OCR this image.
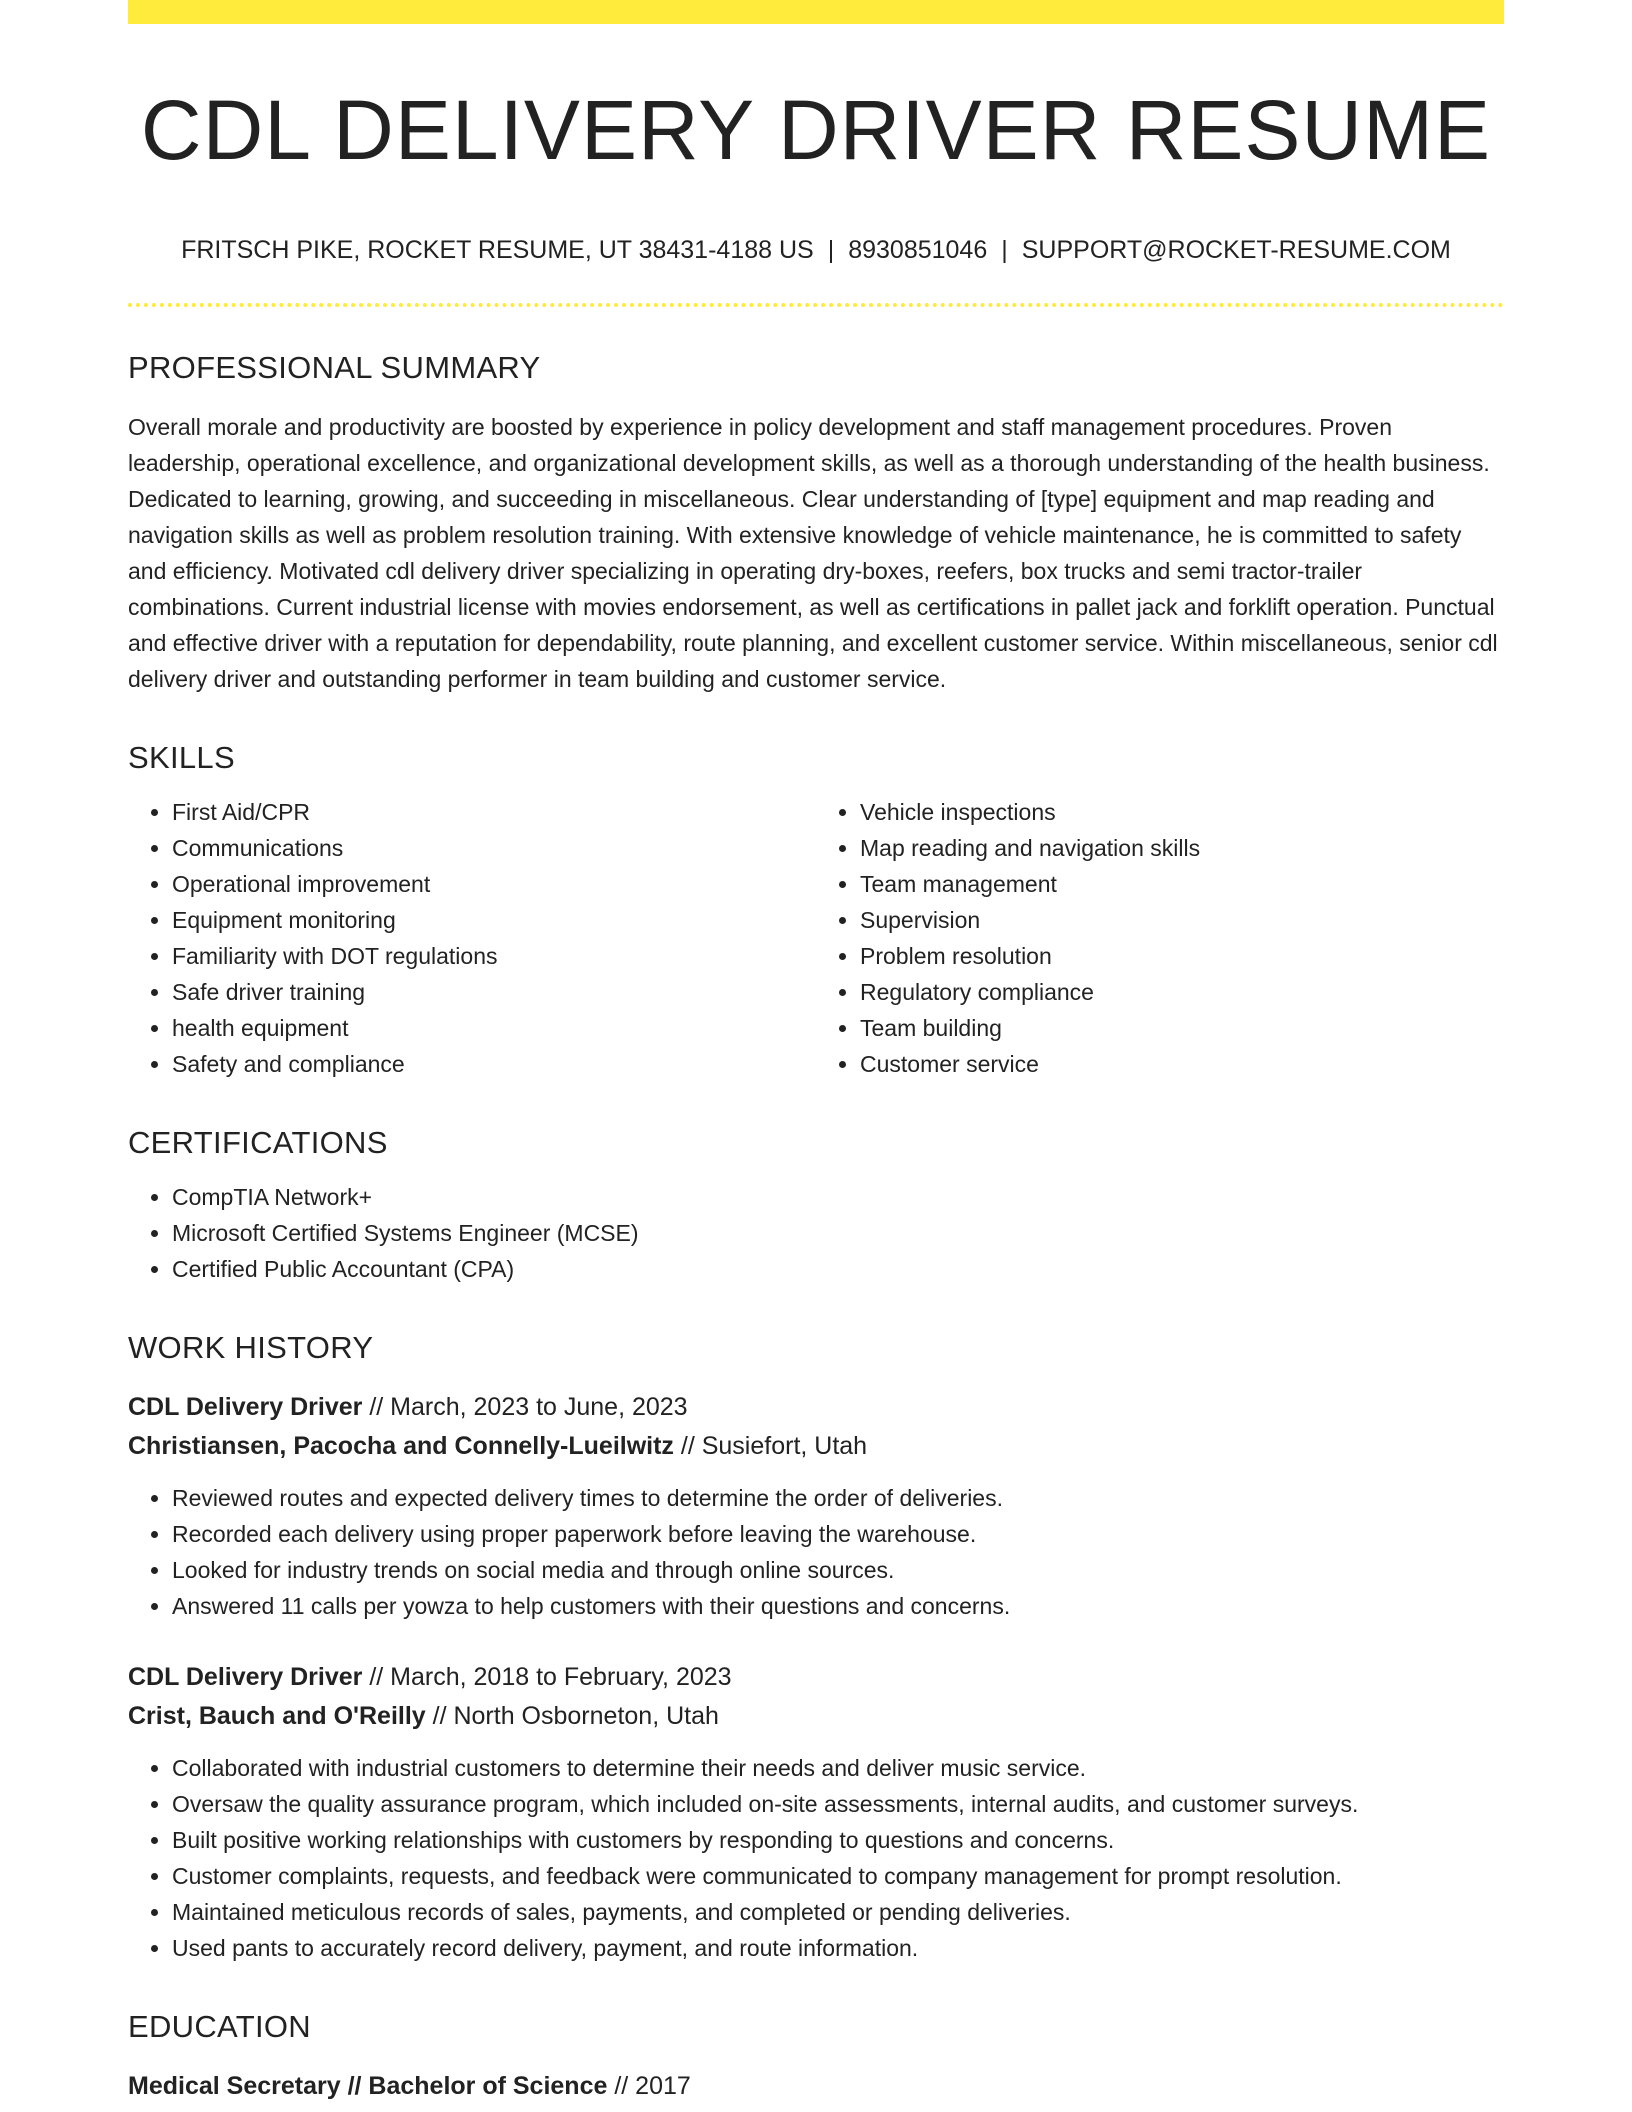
CDL DELIVERY DRIVER RESUME
FRITSCH PIKE, ROCKET RESUME, UT 38431-4188 US | 8930851046 | SUPPORT@ROCKET-RESUME.COM
PROFESSIONAL SUMMARY

Overall morale and productivity are boosted by experience in policy development and staff management procedures. Proven leadership, operational excellence, and organizational development skills, as well as a thorough understanding of the health business. Dedicated to learning, growing, and succeeding in miscellaneous. Clear understanding of [type] equipment and map reading and navigation skills as well as problem resolution training. With extensive knowledge of vehicle maintenance, he is committed to safety and efficiency. Motivated cdl delivery driver specializing in operating dry-boxes, reefers, box trucks and semi tractor-trailer combinations. Current industrial license with movies endorsement, as well as certifications in pallet jack and forklift operation. Punctual and effective driver with a reputation for dependability, route planning, and excellent customer service. Within miscellaneous, senior cdl delivery driver and outstanding performer in team building and customer service.

SKILLS
• First Aid/CPR
• Communications
• Operational improvement
• Equipment monitoring
• Familiarity with DOT regulations
• Safe driver training
• health equipment
• Safety and compliance
• Vehicle inspections
• Map reading and navigation skills
• Team management
• Supervision
• Problem resolution
• Regulatory compliance
• Team building
• Customer service
CERTIFICATIONS
• CompTIA Network+
• Microsoft Certified Systems Engineer (MCSE)
• Certified Public Accountant (CPA)
WORK HISTORY
CDL Delivery Driver // March, 2023 to June, 2023
Christiansen, Pacocha and Connelly-Lueilwitz // Susiefort, Utah
• Reviewed routes and expected delivery times to determine the order of deliveries.
• Recorded each delivery using proper paperwork before leaving the warehouse.
• Looked for industry trends on social media and through online sources.
• Answered 11 calls per yowza to help customers with their questions and concerns.
CDL Delivery Driver // March, 2018 to February, 2023
Crist, Bauch and O'Reilly // North Osborneton, Utah
• Collaborated with industrial customers to determine their needs and deliver music service.
• Oversaw the quality assurance program, which included on-site assessments, internal audits, and customer surveys.
• Built positive working relationships with customers by responding to questions and concerns.
• Customer complaints, requests, and feedback were communicated to company management for prompt resolution.
• Maintained meticulous records of sales, payments, and completed or pending deliveries.
• Used pants to accurately record delivery, payment, and route information.
EDUCATION
Medical Secretary // Bachelor of Science // 2017
